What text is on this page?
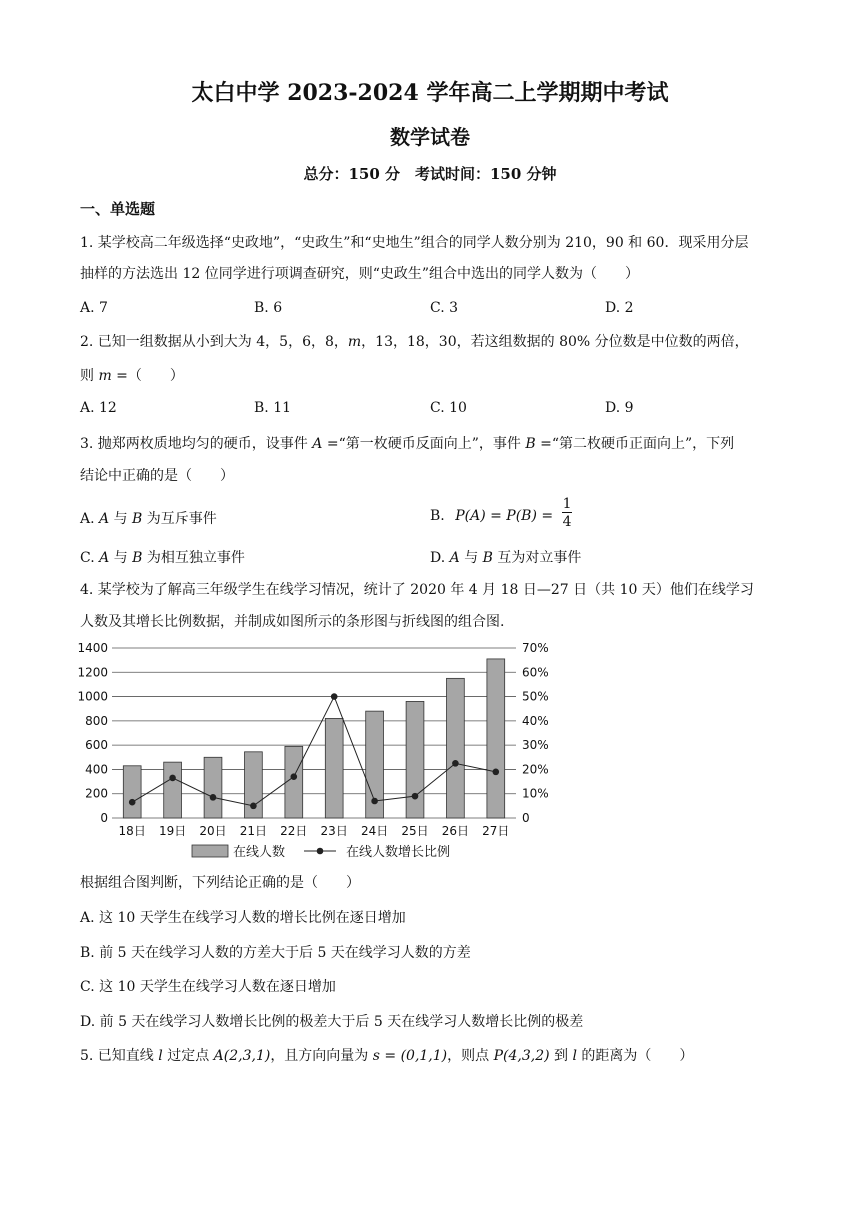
太白中学 2023-2024 学年高二上学期期中考试
数学试卷
总分：150 分　考试时间：150 分钟
一、单选题
1. 某学校高二年级选择“史政地”，“史政生”和“史地生”组合的同学人数分别为 210，90 和 60．现采用分层
抽样的方法选出 12 位同学进行项调查研究，则“史政生”组合中选出的同学人数为（　　）
A. 7	B. 6	C. 3	D. 2
2. 已知一组数据从小到大为 4，5，6，8，m，13，18，30，若这组数据的 80% 分位数是中位数的两倍，
则 m =（　　）
A. 12	B. 11	C. 10	D. 9
3. 抛郑两枚质地均匀的硬币，设事件 A =“第一枚硬币反面向上”，事件 B =“第二枚硬币正面向上”，下列
结论中正确的是（　　）
A. A 与 B 为互斥事件	B. $P(A) = P(B) = \frac{1}{4}$
C. A 与 B 为相互独立事件	D. A 与 B 互为对立事件
4. 某学校为了解高三年级学生在线学习情况，统计了 2020 年 4 月 18 日—27 日（共 10 天）他们在线学习
人数及其增长比例数据，并制成如图所示的条形图与折线图的组合图.
0
200
400
600
800
1000
1200
1400
0
10%
20%
30%
40%
50%
60%
70%
18日 19日 20日 21日 22日 23日 24日 25日 26日 27日
在线人数	在线人数增长比例
根据组合图判断，下列结论正确的是（　　）
A. 这 10 天学生在线学习人数的增长比例在逐日增加
B. 前 5 天在线学习人数的方差大于后 5 天在线学习人数的方差
C. 这 10 天学生在线学习人数在逐日增加
D. 前 5 天在线学习人数增长比例的极差大于后 5 天在线学习人数增长比例的极差
5. 已知直线 l 过定点 A(2,3,1)，且方向向量为 s = (0,1,1)，则点 P(4,3,2) 到 l 的距离为（　　）
